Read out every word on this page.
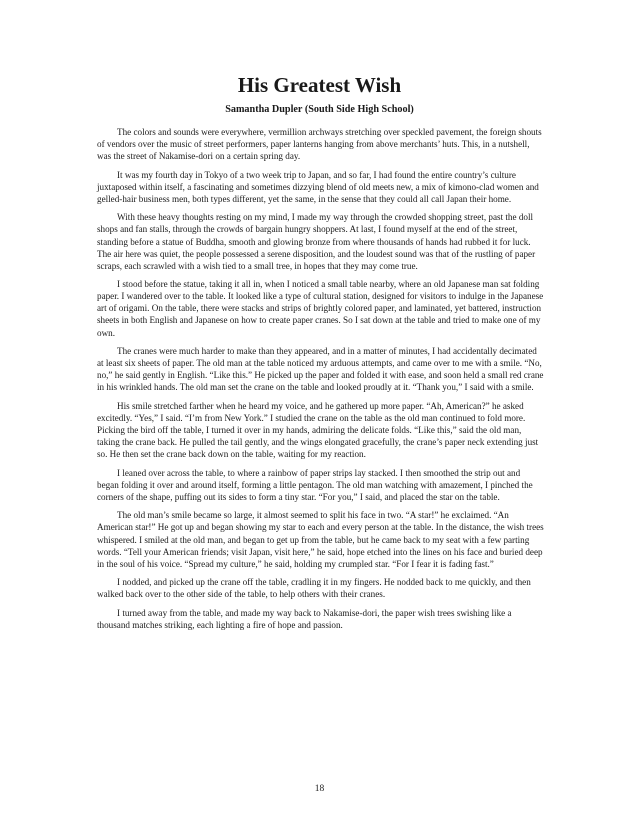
His Greatest Wish

Samantha Dupler (South Side High School)

The colors and sounds were everywhere, vermillion archways stretching over speckled pavement, the foreign shouts of vendors over the music of street performers, paper lanterns hanging from above merchants’ huts. This, in a nutshell, was the street of Nakamise-dori on a certain spring day.

It was my fourth day in Tokyo of a two week trip to Japan, and so far, I had found the entire country’s culture juxtaposed within itself, a fascinating and sometimes dizzying blend of old meets new, a mix of kimono-clad women and gelled-hair business men, both types different, yet the same, in the sense that they could all call Japan their home.

With these heavy thoughts resting on my mind, I made my way through the crowded shopping street, past the doll shops and fan stalls, through the crowds of bargain hungry shoppers. At last, I found myself at the end of the street, standing before a statue of Buddha, smooth and glowing bronze from where thousands of hands had rubbed it for luck. The air here was quiet, the people possessed a serene disposition, and the loudest sound was that of the rustling of paper scraps, each scrawled with a wish tied to a small tree, in hopes that they may come true.

I stood before the statue, taking it all in, when I noticed a small table nearby, where an old Japanese man sat folding paper. I wandered over to the table. It looked like a type of cultural station, designed for visitors to indulge in the Japanese art of origami. On the table, there were stacks and strips of brightly colored paper, and laminated, yet battered, instruction sheets in both English and Japanese on how to create paper cranes. So I sat down at the table and tried to make one of my own.

The cranes were much harder to make than they appeared, and in a matter of minutes, I had accidentally decimated at least six sheets of paper. The old man at the table noticed my arduous attempts, and came over to me with a smile. “No, no,” he said gently in English. “Like this.” He picked up the paper and folded it with ease, and soon held a small red crane in his wrinkled hands. The old man set the crane on the table and looked proudly at it. “Thank you,” I said with a smile.

His smile stretched farther when he heard my voice, and he gathered up more paper. “Ah, American?” he asked excitedly. “Yes,” I said. “I’m from New York.” I studied the crane on the table as the old man continued to fold more. Picking the bird off the table, I turned it over in my hands, admiring the delicate folds. “Like this,” said the old man, taking the crane back. He pulled the tail gently, and the wings elongated gracefully, the crane’s paper neck extending just so. He then set the crane back down on the table, waiting for my reaction.

I leaned over across the table, to where a rainbow of paper strips lay stacked. I then smoothed the strip out and began folding it over and around itself, forming a little pentagon. The old man watching with amazement, I pinched the corners of the shape, puffing out its sides to form a tiny star. “For you,” I said, and placed the star on the table.

The old man’s smile became so large, it almost seemed to split his face in two. “A star!” he exclaimed. “An American star!” He got up and began showing my star to each and every person at the table. In the distance, the wish trees whispered. I smiled at the old man, and began to get up from the table, but he came back to my seat with a few parting words. “Tell your American friends; visit Japan, visit here,” he said, hope etched into the lines on his face and buried deep in the soul of his voice. “Spread my culture,” he said, holding my crumpled star. “For I fear it is fading fast.”

I nodded, and picked up the crane off the table, cradling it in my fingers. He nodded back to me quickly, and then walked back over to the other side of the table, to help others with their cranes.

I turned away from the table, and made my way back to Nakamise-dori, the paper wish trees swishing like a thousand matches striking, each lighting a fire of hope and passion.

18
